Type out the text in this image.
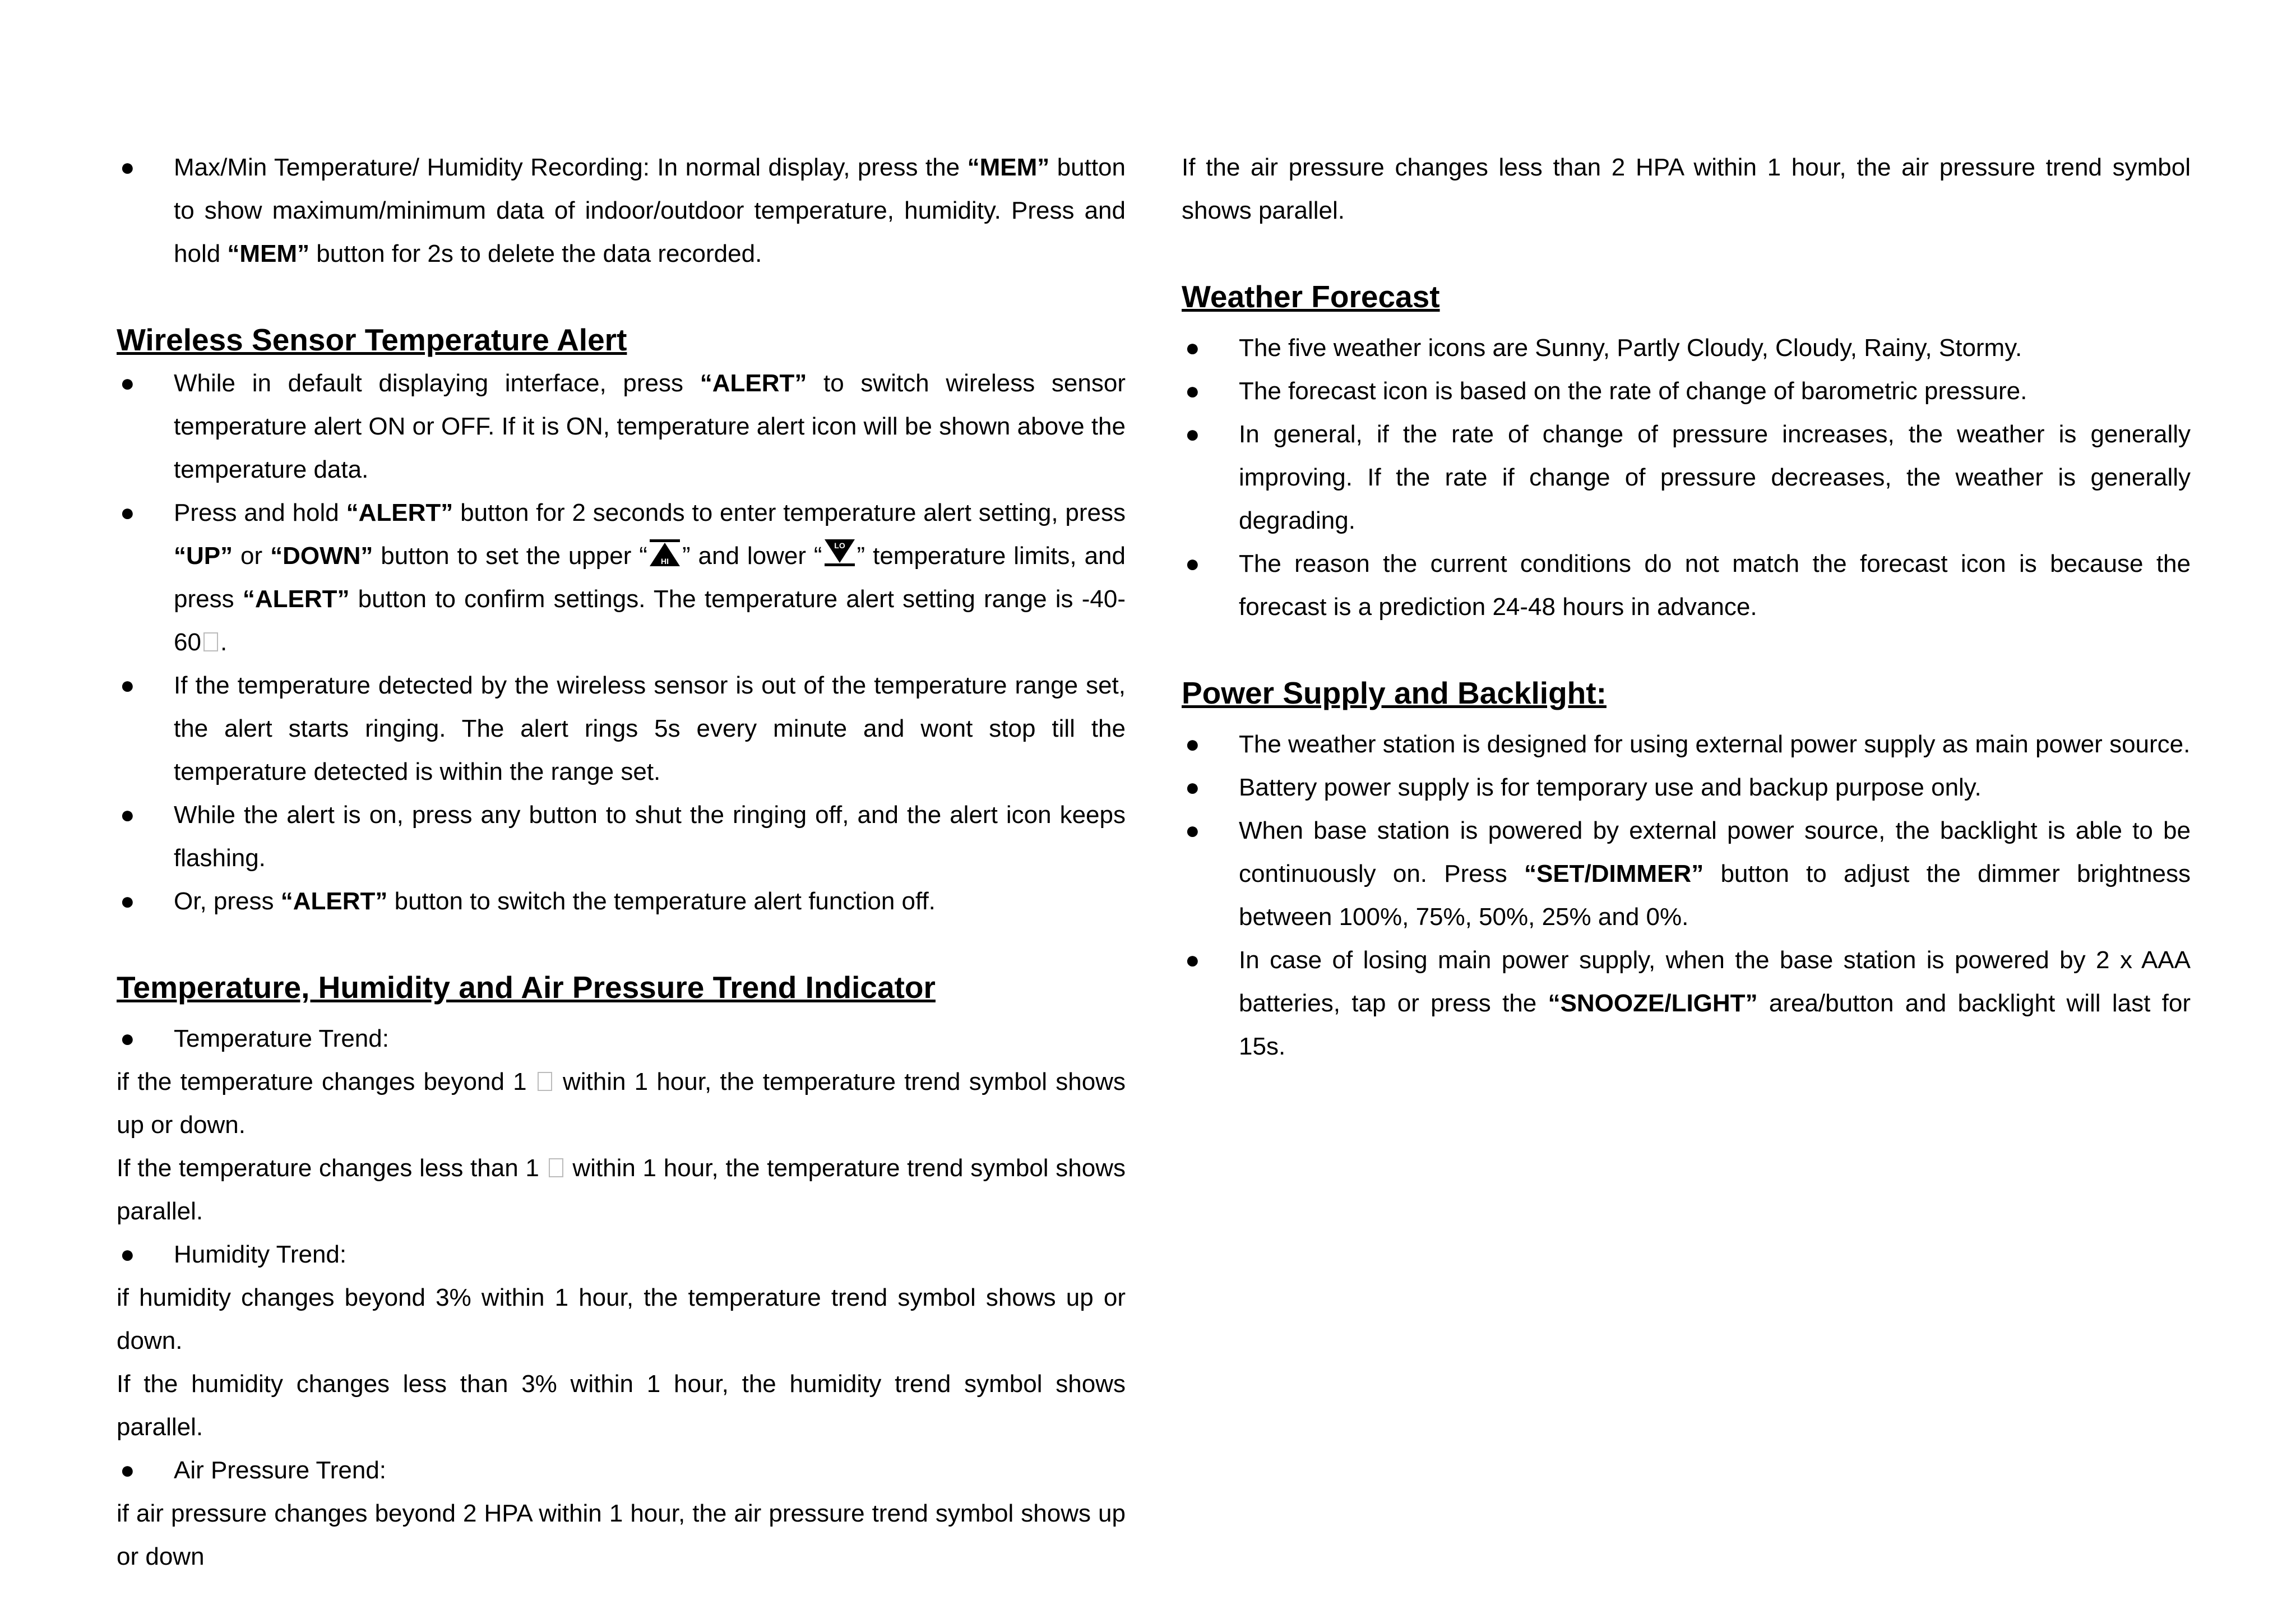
● Max/Min Temperature/ Humidity Recording: In normal display, press the “MEM” button to show maximum/minimum data of indoor/outdoor temperature, humidity. Press and hold “MEM” button for 2s to delete the data recorded.
Wireless Sensor Temperature Alert
● While in default displaying interface, press “ALERT” to switch wireless sensor temperature alert ON or OFF. If it is ON, temperature alert icon will be shown above the temperature data.
● Press and hold “ALERT” button for 2 seconds to enter temperature alert setting, press “UP” or “DOWN” button to set the upper “ HI ” and lower “ LO ” temperature limits, and press “ALERT” button to confirm settings. The temperature alert setting range is -40-60 .
● If the temperature detected by the wireless sensor is out of the temperature range set, the alert starts ringing. The alert rings 5s every minute and wont stop till the temperature detected is within the range set.
● While the alert is on, press any button to shut the ringing off, and the alert icon keeps flashing.
● Or, press “ALERT” button to switch the temperature alert function off.
Temperature, Humidity and Air Pressure Trend Indicator
● Temperature Trend:
if the temperature changes beyond 1  within 1 hour, the temperature trend symbol shows up or down.
If the temperature changes less than 1  within 1 hour, the temperature trend symbol shows parallel.
● Humidity Trend:
if humidity changes beyond 3% within 1 hour, the temperature trend symbol shows up or down.
If the humidity changes less than 3% within 1 hour, the humidity trend symbol shows parallel.
● Air Pressure Trend:
if air pressure changes beyond 2 HPA within 1 hour, the air pressure trend symbol shows up or down
If the air pressure changes less than 2 HPA within 1 hour, the air pressure trend symbol shows parallel.
Weather Forecast
● The five weather icons are Sunny, Partly Cloudy, Cloudy, Rainy, Stormy.
● The forecast icon is based on the rate of change of barometric pressure.
● In general, if the rate of change of pressure increases, the weather is generally improving. If the rate if change of pressure decreases, the weather is generally degrading.
● The reason the current conditions do not match the forecast icon is because the forecast is a prediction 24-48 hours in advance.
Power Supply and Backlight:
● The weather station is designed for using external power supply as main power source.
● Battery power supply is for temporary use and backup purpose only.
● When base station is powered by external power source, the backlight is able to be continuously on. Press “SET/DIMMER” button to adjust the dimmer brightness between 100%, 75%, 50%, 25% and 0%.
● In case of losing main power supply, when the base station is powered by 2 x AAA batteries, tap or press the “SNOOZE/LIGHT” area/button and backlight will last for 15s.
